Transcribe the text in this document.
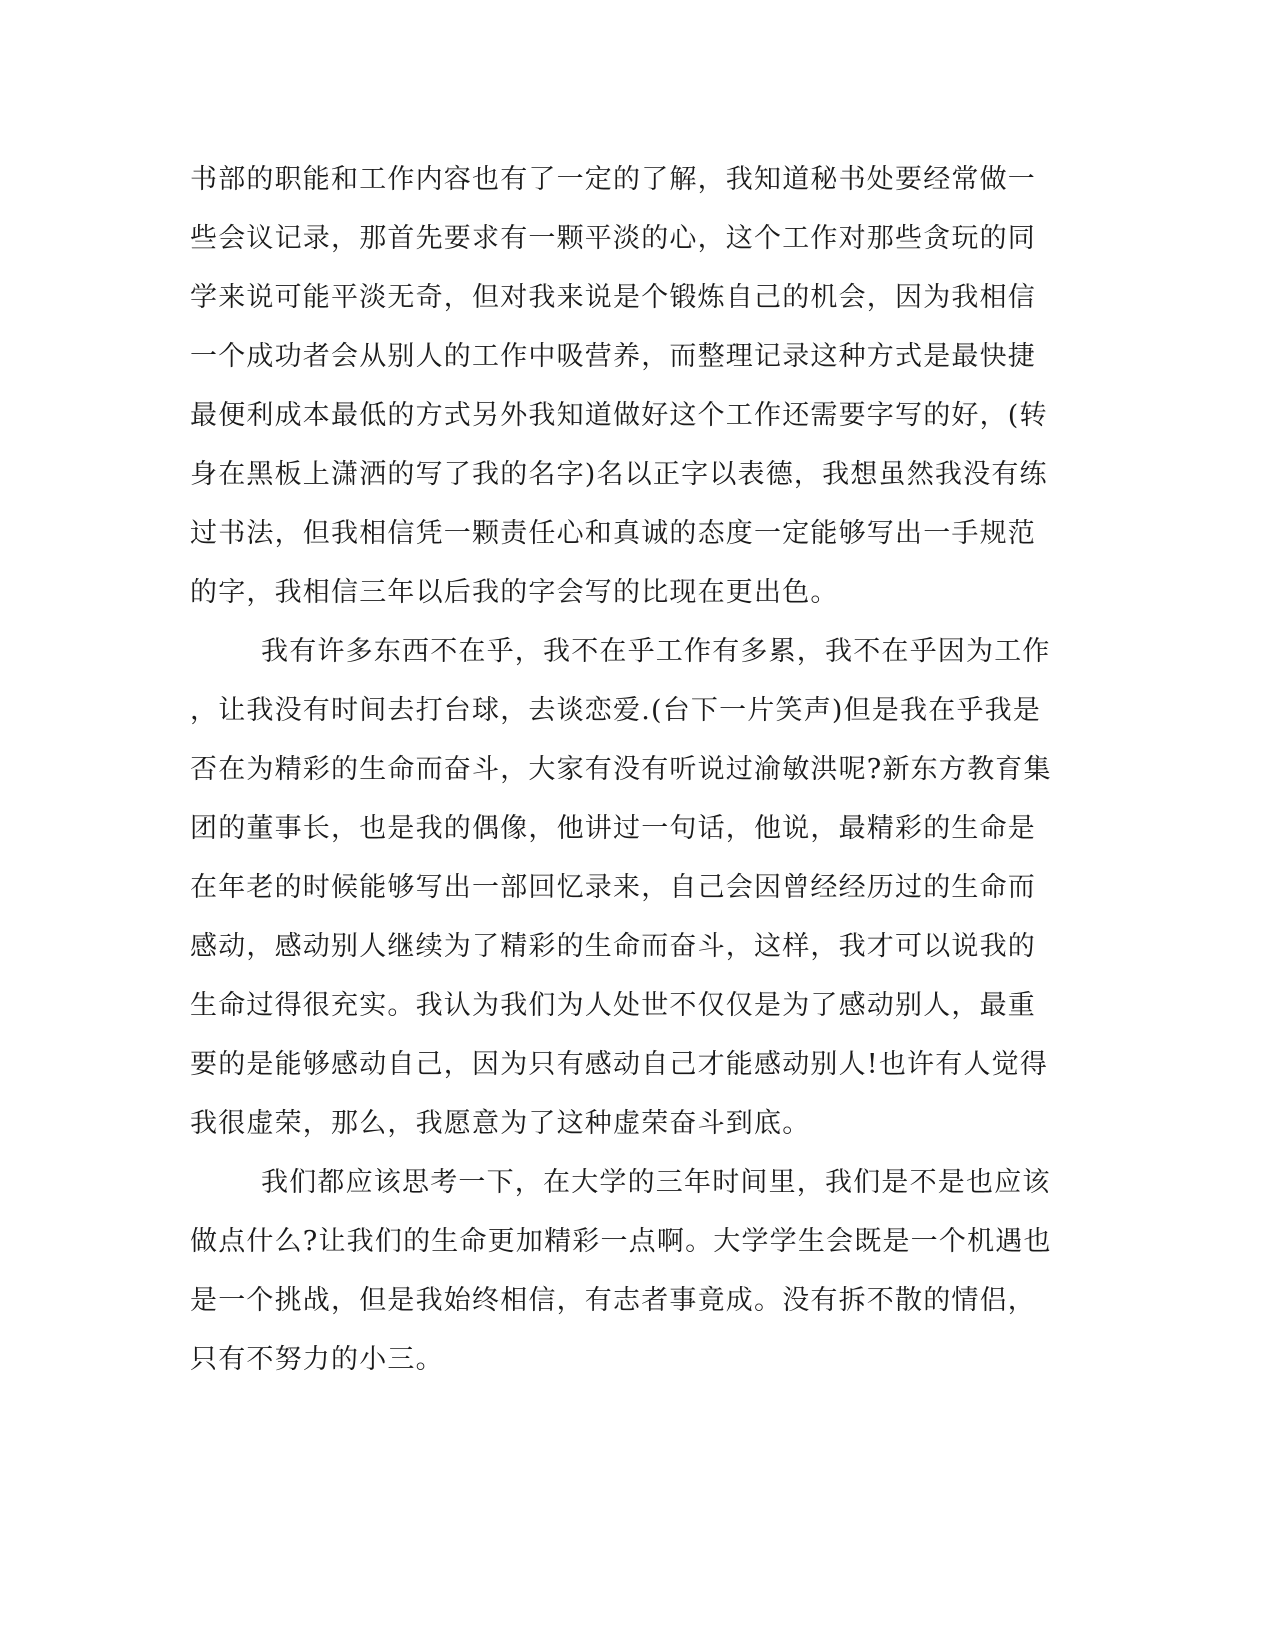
书部的职能和工作内容也有了一定的了解，我知道秘书处要经常做一
些会议记录，那首先要求有一颗平淡的心，这个工作对那些贪玩的同
学来说可能平淡无奇，但对我来说是个锻炼自己的机会，因为我相信
一个成功者会从别人的工作中吸营养，而整理记录这种方式是最快捷
最便利成本最低的方式另外我知道做好这个工作还需要字写的好，(转
身在黑板上潇洒的写了我的名字)名以正字以表德，我想虽然我没有练
过书法，但我相信凭一颗责任心和真诚的态度一定能够写出一手规范
的字，我相信三年以后我的字会写的比现在更出色。
我有许多东西不在乎，我不在乎工作有多累，我不在乎因为工作
，让我没有时间去打台球，去谈恋爱.(台下一片笑声)但是我在乎我是
否在为精彩的生命而奋斗，大家有没有听说过渝敏洪呢?新东方教育集
团的董事长，也是我的偶像，他讲过一句话，他说，最精彩的生命是
在年老的时候能够写出一部回忆录来，自己会因曾经经历过的生命而
感动，感动别人继续为了精彩的生命而奋斗，这样，我才可以说我的
生命过得很充实。我认为我们为人处世不仅仅是为了感动别人，最重
要的是能够感动自己，因为只有感动自己才能感动别人!也许有人觉得
我很虚荣，那么，我愿意为了这种虚荣奋斗到底。
我们都应该思考一下，在大学的三年时间里，我们是不是也应该
做点什么?让我们的生命更加精彩一点啊。大学学生会既是一个机遇也
是一个挑战，但是我始终相信，有志者事竟成。没有拆不散的情侣，
只有不努力的小三。
